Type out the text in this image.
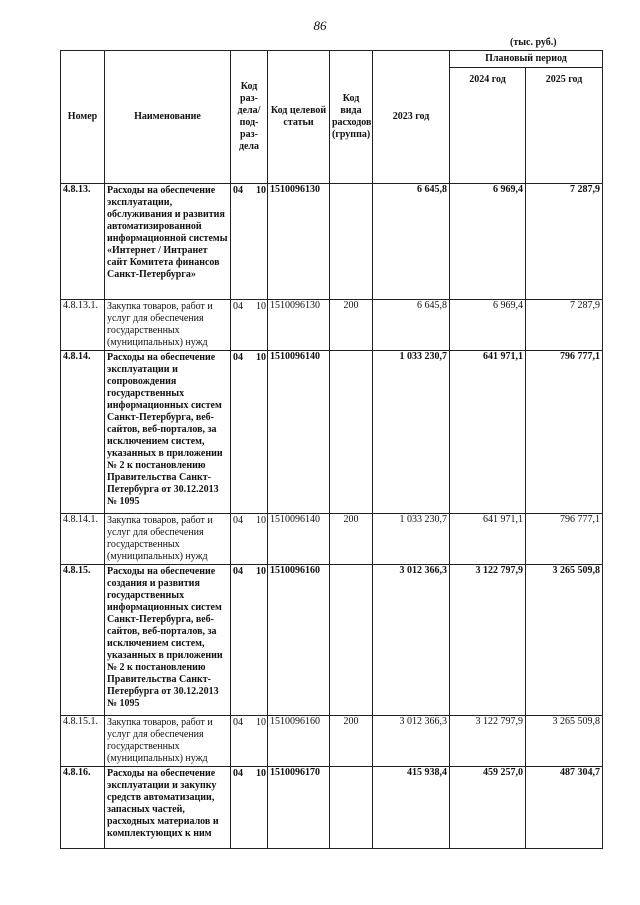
86
(тыс. руб.)
Номер	Наименование	Код раз-дела/ под-раз-дела	Код целевой статьи	Код вида расходов (группа)	2023 год	Плановый период	
						2024 год	2025 год
4.8.13.	Расходы на обеспечение эксплуатации, обслуживания и развития автоматизированной информационной системы «Интернет / Интранет сайт Комитета финансов Санкт-Петербурга»	04 10	1510096130		6 645,8	6 969,4	7 287,9
4.8.13.1.	Закупка товаров, работ и услуг для обеспечения государственных (муниципальных) нужд	04 10	1510096130	200	6 645,8	6 969,4	7 287,9
4.8.14.	Расходы на обеспечение эксплуатации и сопровождения государственных информационных систем Санкт-Петербурга, веб-сайтов, веб-порталов, за исключением систем, указанных в приложении № 2 к постановлению Правительства Санкт-Петербурга от 30.12.2013 № 1095	04 10	1510096140		1 033 230,7	641 971,1	796 777,1
4.8.14.1.	Закупка товаров, работ и услуг для обеспечения государственных (муниципальных) нужд	04 10	1510096140	200	1 033 230,7	641 971,1	796 777,1
4.8.15.	Расходы на обеспечение создания и развития государственных информационных систем Санкт-Петербурга, веб-сайтов, веб-порталов, за исключением систем, указанных в приложении № 2 к постановлению Правительства Санкт-Петербурга от 30.12.2013 № 1095	04 10	1510096160		3 012 366,3	3 122 797,9	3 265 509,8
4.8.15.1.	Закупка товаров, работ и услуг для обеспечения государственных (муниципальных) нужд	04 10	1510096160	200	3 012 366,3	3 122 797,9	3 265 509,8
4.8.16.	Расходы на обеспечение эксплуатации и закупку средств автоматизации, запасных частей, расходных материалов и комплектующих к ним	04 10	1510096170		415 938,4	459 257,0	487 304,7
